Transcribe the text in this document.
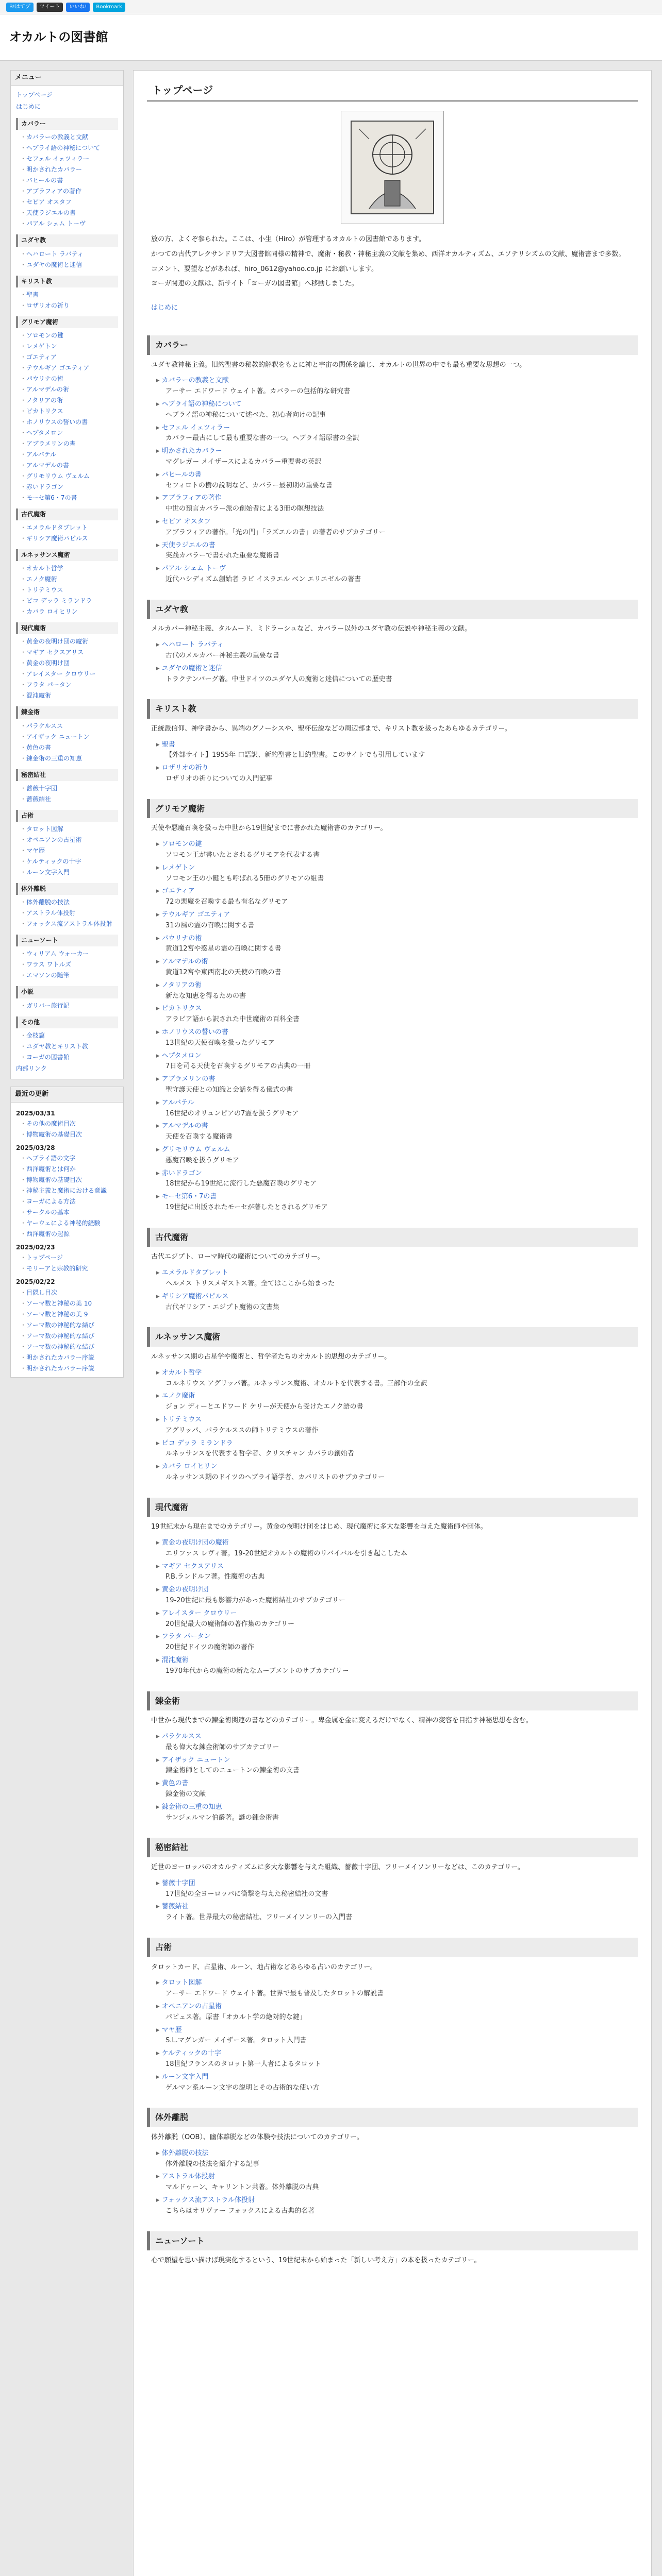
B!はてブ	ツイート	いいね!	Bookmark
オカルトの図書館
メニュー
トップページ
はじめに
カバラー
・ カバラーの教義と文献
・ ヘブライ語の神秘について
・ セフェル イェツィラー
・ 明かされたカバラー
・ バヒールの書
・ アブラフィアの著作
・ セビア オスタフ
・ 天使ラジエルの書
・ パアル シェム トーヴ
ユダヤ教
・ ヘハロート ラバティ
・ ユダヤの魔術と迷信
キリスト教
・ 聖書
・ ロザリオの祈り
グリモア魔術
・ ソロモンの鍵
・ レメゲトン
・ ゴエティア
・ テウルギア ゴエティア
・ パウリナの術
・ アルマデルの術
・ ノタリアの術
・ ピカトリクス
・ ホノリウスの誓いの書
・ ヘプタメロン
・ アブラメリンの書
・ アルバテル
・ アルマデルの書
・ グリモリウム ヴェルム
・ 赤いドラゴン
・ モーセ第6・7の書
古代魔術
・ エメラルドタブレット
・ ギリシア魔術パピルス
ルネッサンス魔術
・ オカルト哲学
・ エノク魔術
・ トリテミウス
・ ピコ デッラ ミランドラ
・ カバラ ロイヒリン
現代魔術
・ 黄金の夜明け団の魔術
・ マギア セクスアリス
・ 黄金の夜明け団
・ アレイスター クロウリー
・ フラタ パータン
・ 混沌魔術
錬金術
・ パラケルスス
・ アイザック ニュートン
・ 黄色の書
・ 錬金術の三重の知恵
秘密結社
・ 薔薇十字団
・ 薔薇結社
占術
・ タロット図解
・ オペニアンの占星術
・ マヤ歴
・ ケルティックの十字
・ ルーン文字入門
体外離脱
・ 体外離脱の技法
・ アストラル体投射
・ フォックス流アストラル体投射
ニューソート
・ ウィリアム ウォーカー
・ ワラス ワトルズ
・ エマソンの随筆
小説
・ ガリバー旅行記
その他
・ 金枝篇
・ ユダヤ教とキリスト教
・ ヨーガの図書館
内部リンク
最近の更新
2025/03/31
・ その他の魔術目次
・ 博物魔術の基礎目次
2025/03/28
・ ヘブライ語の文字
・ 西洋魔術とは何か
・ 博物魔術の基礎目次
・ 神秘主義と魔術における意識
・ ヨーガによる方法
・ サークルの基本
・ ヤーウェによる神秘的経験
・ 西洋魔術の起源
2025/02/23
・ トップページ
・ モリーアと宗教的研究
2025/02/22
・ 目隠し目次
・ ソーマ数と神秘の美 10
・ ソーマ数と神秘の美 9
・ ソーマ数の神秘的な結び
・ ソーマ数の神秘的な結び
・ ソーマ数の神秘的な結び
・ 明かされたカバラー序説
・ 明かされたカバラー序説
トップページ

放の方、よくぞ参られた。ここは、小生（Hiro）が管理するオカルトの図書館であります。

かつての古代アレクサンドリア大図書館同様の精神で、魔術・秘教・神秘主義の文献を集め、西洋オカルティズム、エソテリシズムの文献、魔術書まで多数。

コメント、要望などがあれば、hiro_0612@yahoo.co.jp にお願いします。

ヨーガ関連の文献は、新サイト「ヨーガの図書館」へ移動しました。

はじめに
カバラー
ユダヤ教神秘主義。旧約聖書の秘教的解釈をもとに神と宇宙の関係を論じ、オカルトの世界の中でも最も重要な思想の一つ。
▸ カバラーの教義と文献
アーサー エドワード ウェイト著。カバラーの包括的な研究書
▸ ヘブライ語の神秘について
ヘブライ語の神秘について述べた、初心者向けの記事
▸ セフェル イェツィラー
カバラー最古にして最も重要な書の一つ。ヘブライ語原書の全訳
▸ 明かされたカバラー
マグレガー メイザースによるカバラー重要書の英訳
▸ バヒールの書
セフィロトの樹の説明など、カバラー最初期の重要な書
▸ アブラフィアの著作
中世の預言カバラー派の創始者による3冊の瞑想技法
▸ セビア オスタフ
アブラフィアの著作。「光の門」「ラズエルの書」の著者のサブカテゴリー
▸ 天使ラジエルの書
実践カバラーで書かれた重要な魔術書
▸ パアル シェム トーヴ
近代ハシディズム創始者 ラビ イスラエル ベン エリエゼルの著書
ユダヤ教
メルカバー神秘主義、タルムード、ミドラーシュなど、カバラー以外のユダヤ教の伝説や神秘主義の文献。
▸ ヘハロート ラバティ
古代のメルカバー神秘主義の重要な書
▸ ユダヤの魔術と迷信
トラクテンバーグ著。中世ドイツのユダヤ人の魔術と迷信についての歴史書
キリスト教
正統派信仰、神学書から、異端のグノーシスや、聖杯伝説などの周辺部まで、キリスト教を扱ったあらゆるカテゴリー。
▸ 聖書
【外部サイト】1955年 口語訳、新約聖書と旧約聖書。このサイトでも引用しています
▸ ロザリオの祈り
ロザリオの祈りについての入門記事
グリモア魔術
天使や悪魔召喚を扱った中世から19世紀までに書かれた魔術書のカテゴリー。
▸ ソロモンの鍵
ソロモン王が書いたとされるグリモアを代表する書
▸ レメゲトン
ソロモン王の小鍵とも呼ばれる5冊のグリモアの組書
▸ ゴエティア
72の悪魔を召喚する最も有名なグリモア
▸ テウルギア ゴエティア
31の風の霊の召喚に関する書
▸ パウリナの術
黄道12宮や惑星の霊の召喚に関する書
▸ アルマデルの術
黄道12宮や東西南北の天使の召喚の書
▸ ノタリアの術
新たな知恵を得るための書
▸ ピカトリクス
アラビア語から訳された中世魔術の百科全書
▸ ホノリウスの誓いの書
13世紀の天使召喚を扱ったグリモア
▸ ヘプタメロン
7日を司る天使を召喚するグリモアの古典の一冊
▸ アブラメリンの書
聖守護天使との知識と会話を得る儀式の書
▸ アルバテル
16世紀のオリュンピアの7霊を扱うグリモア
▸ アルマデルの書
天使を召喚する魔術書
▸ グリモリウム ヴェルム
悪魔召喚を扱うグリモア
▸ 赤いドラゴン
18世紀から19世紀に流行した悪魔召喚のグリモア
▸ モーセ第6・7の書
19世紀に出版されたモーセが著したとされるグリモア
古代魔術
古代エジプト、ローマ時代の魔術についてのカテゴリー。
▸ エメラルドタブレット
ヘルメス トリスメギストス著。全てはここから始まった
▸ ギリシア魔術パピルス
古代ギリシア・エジプト魔術の文書集
ルネッサンス魔術
ルネッサンス期の占星学や魔術と、哲学者たちのオカルト的思想のカテゴリー。
▸ オカルト哲学
コルネリウス アグリッパ著。ルネッサンス魔術、オカルトを代表する書。三部作の全訳
▸ エノク魔術
ジョン ディーとエドワード ケリーが天使から受けたエノク語の書
▸ トリテミウス
アグリッパ、パラケルススの師トリテミウスの著作
▸ ピコ デッラ ミランドラ
ルネッサンスを代表する哲学者、クリスチャン カバラの創始者
▸ カバラ ロイヒリン
ルネッサンス期のドイツのヘブライ語学者、カバリストのサブカテゴリー
現代魔術
19世紀末から現在までのカテゴリー。黄金の夜明け団をはじめ、現代魔術に多大な影響を与えた魔術師や団体。
▸ 黄金の夜明け団の魔術
エリファス レヴィ著。19-20世紀オカルトの魔術のリバイバルを引き起こした本
▸ マギア セクスアリス
P.B.ランドルフ著。性魔術の古典
▸ 黄金の夜明け団
19-20世紀に最も影響力があった魔術結社のサブカテゴリー
▸ アレイスター クロウリー
20世紀最大の魔術師の著作集のカテゴリー
▸ フラタ パータン
20世紀ドイツの魔術師の著作
▸ 混沌魔術
1970年代からの魔術の新たなムーブメントのサブカテゴリー
錬金術
中世から現代までの錬金術関連の書などのカテゴリー。卑金属を金に変えるだけでなく、精神の変容を目指す神秘思想を含む。
▸ パラケルスス
最も偉大な錬金術師のサブカテゴリー
▸ アイザック ニュートン
錬金術師としてのニュートンの錬金術の文書
▸ 黄色の書
錬金術の文献
▸ 錬金術の三重の知恵
サンジェルマン伯爵著。謎の錬金術書
秘密結社
近世のヨーロッパのオカルティズムに多大な影響を与えた組織、薔薇十字団、フリーメイソンリーなどは、このカテゴリー。
▸ 薔薇十字団
17世紀の全ヨーロッパに衝撃を与えた秘密結社の文書
▸ 薔薇結社
ライト著。世界最大の秘密結社、フリーメイソンリーの入門書
占術
タロットカード、占星術、ルーン、地占術などあらゆる占いのカテゴリー。
▸ タロット図解
アーサー エドワード ウェイト著。世界で最も普及したタロットの解説書
▸ オペニアンの占星術
パピュス著。原書「オカルト学の絶対的な鍵」
▸ マヤ歴
S.L.マグレガー メイザース著。タロット入門書
▸ ケルティックの十字
18世紀フランスのタロット第一人者によるタロット
▸ ルーン文字入門
ゲルマン系ルーン文字の説明とその占術的な使い方
体外離脱
体外離脱（OOB）、幽体離脱などの体験や技法についてのカテゴリー。
▸ 体外離脱の技法
体外離脱の技法を紹介する記事
▸ アストラル体投射
マルドゥーン、キャリントン共著。体外離脱の古典
▸ フォックス流アストラル体投射
こちらはオリヴァー フォックスによる古典的名著
ニューソート
心で願望を思い描けば現実化するという、19世紀末から始まった「新しい考え方」の本を扱ったカテゴリー。
